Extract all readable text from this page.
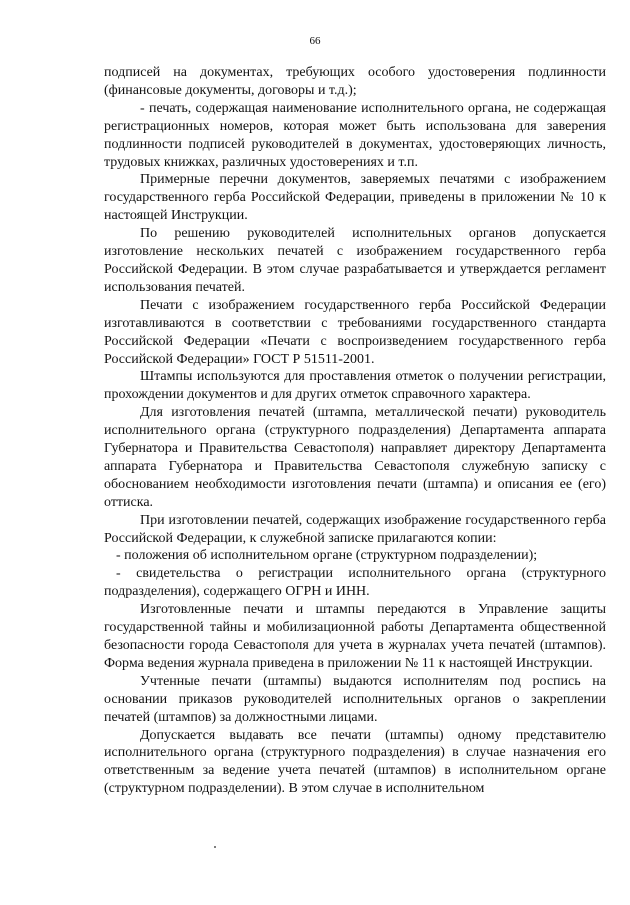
66

подписей на документах, требующих особого удостоверения подлинности (финансовые документы, договоры и т.д.);

- печать, содержащая наименование исполнительного органа, не содержащая регистрационных номеров, которая может быть использована для заверения подлинности подписей руководителей в документах, удостоверяющих личность, трудовых книжках, различных удостоверениях и т.п.

Примерные перечни документов, заверяемых печатями с изображением государственного герба Российской Федерации, приведены в приложении № 10 к настоящей Инструкции.

По решению руководителей исполнительных органов допускается изготовление нескольких печатей с изображением государственного герба Российской Федерации. В этом случае разрабатывается и утверждается регламент использования печатей.

Печати с изображением государственного герба Российской Федерации изготавливаются в соответствии с требованиями государственного стандарта Российской Федерации «Печати с воспроизведением государственного герба Российской Федерации» ГОСТ Р 51511-2001.

Штампы используются для проставления отметок о получении регистрации, прохождении документов и для других отметок справочного характера.

Для изготовления печатей (штампа, металлической печати) руководитель исполнительного органа (структурного подразделения) Департамента аппарата Губернатора и Правительства Севастополя) направляет директору Департамента аппарата Губернатора и Правительства Севастополя служебную записку с обоснованием необходимости изготовления печати (штампа) и описания ее (его) оттиска.

При изготовлении печатей, содержащих изображение государственного герба Российской Федерации, к служебной записке прилагаются копии:

- положения об исполнительном органе (структурном подразделении);

- свидетельства о регистрации исполнительного органа (структурного подразделения), содержащего ОГРН и ИНН.

Изготовленные печати и штампы передаются в Управление защиты государственной тайны и мобилизационной работы Департамента общественной безопасности города Севастополя для учета в журналах учета печатей (штампов). Форма ведения журнала приведена в приложении № 11 к настоящей Инструкции.

Учтенные печати (штампы) выдаются исполнителям под роспись на основании приказов руководителей исполнительных органов о закреплении печатей (штампов) за должностными лицами.

Допускается выдавать все печати (штампы) одному представителю исполнительного органа (структурного подразделения) в случае назначения его ответственным за ведение учета печатей (штампов) в исполнительном органе (структурном подразделении). В этом случае в исполнительном
